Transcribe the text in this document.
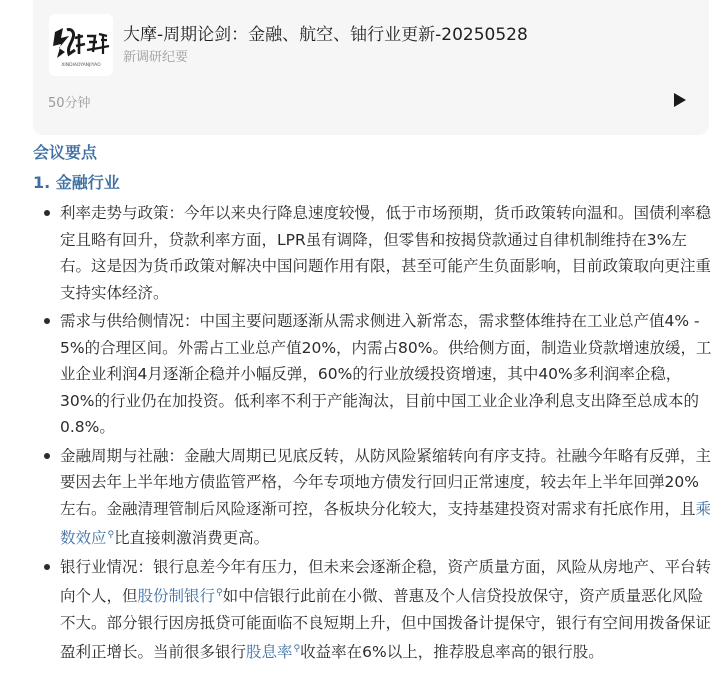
XINDIAOYANJIYAO
大摩-周期论剑：金融、航空、铀行业更新-20250528
新调研纪要
50分钟
会议要点
1. 金融行业
利率走势与政策：今年以来央行降息速度较慢，低于市场预期，货币政策转向温和。国债利率稳定且略有回升，贷款利率方面，LPR虽有调降，但零售和按揭贷款通过自律机制维持在3%左右。这是因为货币政策对解决中国问题作用有限，甚至可能产生负面影响，目前政策取向更注重支持实体经济。
需求与供给侧情况：中国主要问题逐渐从需求侧进入新常态，需求整体维持在工业总产值4% - 5%的合理区间。外需占工业总产值20%，内需占80%。供给侧方面，制造业贷款增速放缓，工业企业利润4月逐渐企稳并小幅反弹，60%的行业放缓投资增速，其中40%多利润率企稳，30%的行业仍在加投资。低利率不利于产能淘汰，目前中国工业企业净利息支出降至总成本的0.8%。
金融周期与社融：金融大周期已见底反转，从防风险紧缩转向有序支持。社融今年略有反弹，主要因去年上半年地方债监管严格，今年专项地方债发行回归正常速度，较去年上半年回弹20%左右。金融清理管制后风险逐渐可控，各板块分化较大，支持基建投资对需求有托底作用，且乘数效应⚲比直接刺激消费更高。
银行业情况：银行息差今年有压力，但未来会逐渐企稳，资产质量方面，风险从房地产、平台转向个人，但股份制银行⚲如中信银行此前在小微、普惠及个人信贷投放保守，资产质量恶化风险不大。部分银行因房抵贷可能面临不良短期上升，但中国拨备计提保守，银行有空间用拨备保证盈利正增长。当前很多银行股息率⚲收益率在6%以上，推荐股息率高的银行股。
